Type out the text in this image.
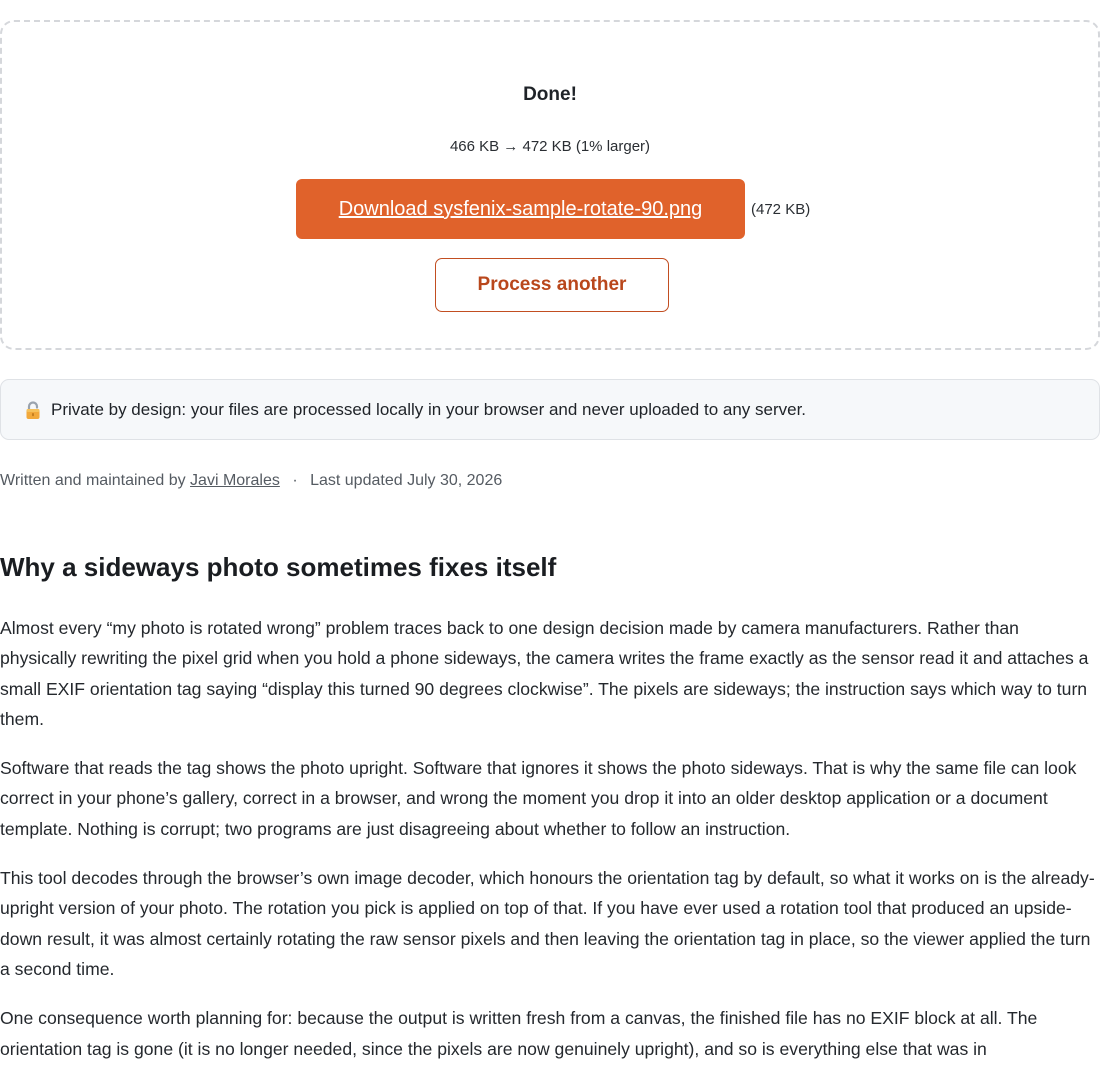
Done!
466 KB → 472 KB (1% larger)
Download sysfenix-sample-rotate-90.png	(472 KB)
Process another
Private by design: your files are processed locally in your browser and never uploaded to any server.
Written and maintained by Javi Morales · Last updated July 30, 2026
Why a sideways photo sometimes fixes itself

Almost every “my photo is rotated wrong” problem traces back to one design decision made by camera manufacturers. Rather than physically rewriting the pixel grid when you hold a phone sideways, the camera writes the frame exactly as the sensor read it and attaches a small EXIF orientation tag saying “display this turned 90 degrees clockwise”. The pixels are sideways; the instruction says which way to turn them.

Software that reads the tag shows the photo upright. Software that ignores it shows the photo sideways. That is why the same file can look correct in your phone’s gallery, correct in a browser, and wrong the moment you drop it into an older desktop application or a document template. Nothing is corrupt; two programs are just disagreeing about whether to follow an instruction.

This tool decodes through the browser’s own image decoder, which honours the orientation tag by default, so what it works on is the already-upright version of your photo. The rotation you pick is applied on top of that. If you have ever used a rotation tool that produced an upside-down result, it was almost certainly rotating the raw sensor pixels and then leaving the orientation tag in place, so the viewer applied the turn a second time.

One consequence worth planning for: because the output is written fresh from a canvas, the finished file has no EXIF block at all. The orientation tag is gone (it is no longer needed, since the pixels are now genuinely upright), and so is everything else that was in
